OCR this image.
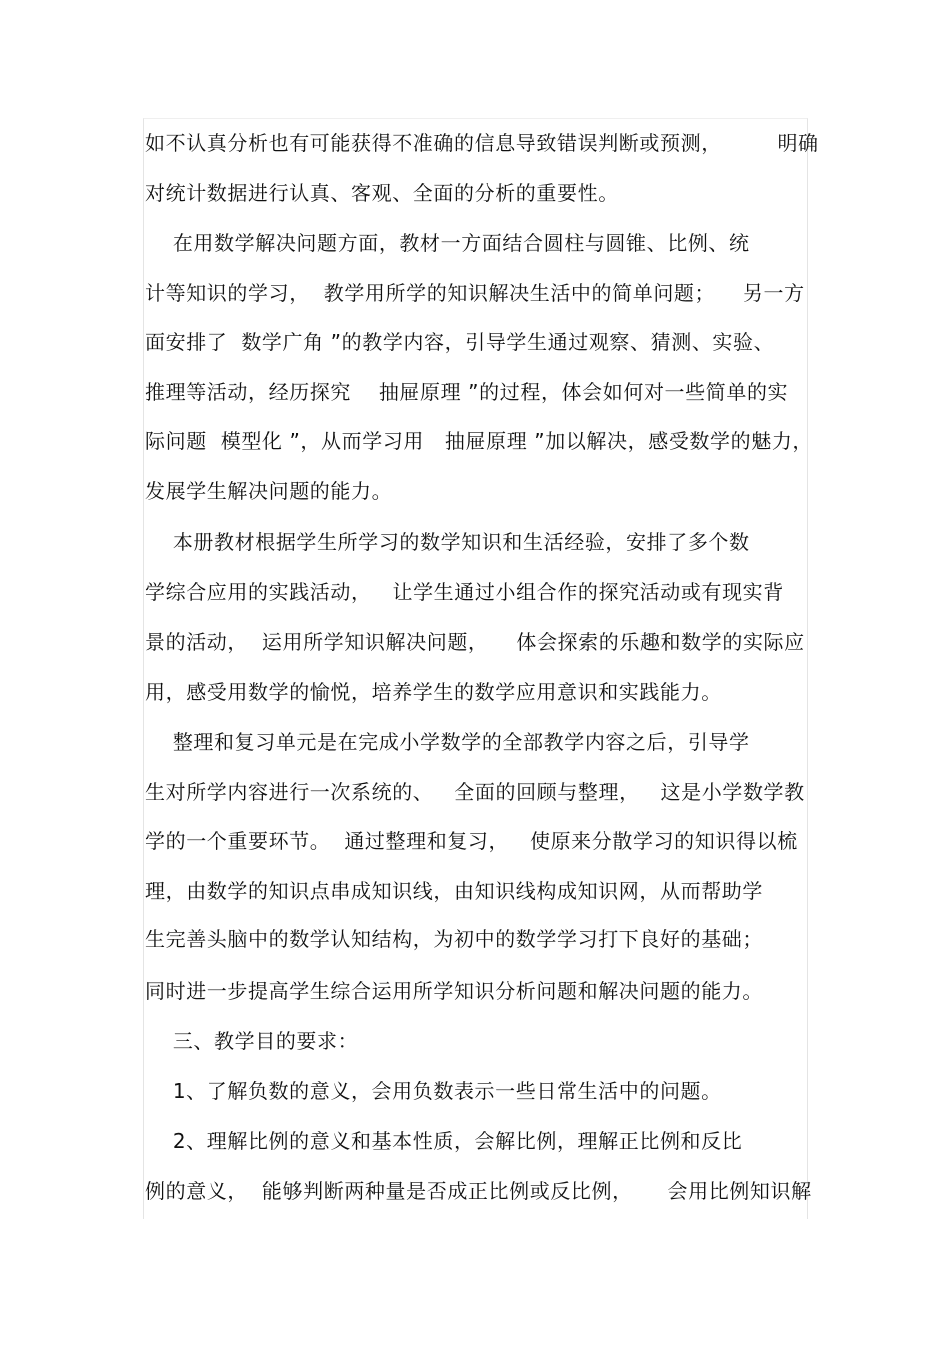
如不认真分析也有可能获得不准确的信息导致错误判断或预测，        明确
对统计数据进行认真、客观、全面的分析的重要性。
在用数学解决问题方面，教材一方面结合圆柱与圆锥、比例、统
计等知识的学习，  教学用所学的知识解决生活中的简单问题；    另一方
面安排了  数学广角 ”的教学内容，引导学生通过观察、猜测、实验、
推理等活动，经历探究    抽屉原理 ”的过程，体会如何对一些简单的实
际问题  模型化 ”，从而学习用   抽屉原理 ”加以解决，感受数学的魅力，
发展学生解决问题的能力。
本册教材根据学生所学习的数学知识和生活经验，安排了多个数
学综合应用的实践活动，   让学生通过小组合作的探究活动或有现实背
景的活动，  运用所学知识解决问题，    体会探索的乐趣和数学的实际应
用，感受用数学的愉悦，培养学生的数学应用意识和实践能力。
整理和复习单元是在完成小学数学的全部教学内容之后，引导学
生对所学内容进行一次系统的、   全面的回顾与整理，   这是小学数学教
学的一个重要环节。  通过整理和复习，   使原来分散学习的知识得以梳
理，由数学的知识点串成知识线，由知识线构成知识网，从而帮助学
生完善头脑中的数学认知结构，为初中的数学学习打下良好的基础；
同时进一步提高学生综合运用所学知识分析问题和解决问题的能力。
三、教学目的要求：
1、了解负数的意义，会用负数表示一些日常生活中的问题。
2、理解比例的意义和基本性质，会解比例，理解正比例和反比
例的意义，  能够判断两种量是否成正比例或反比例，     会用比例知识解
